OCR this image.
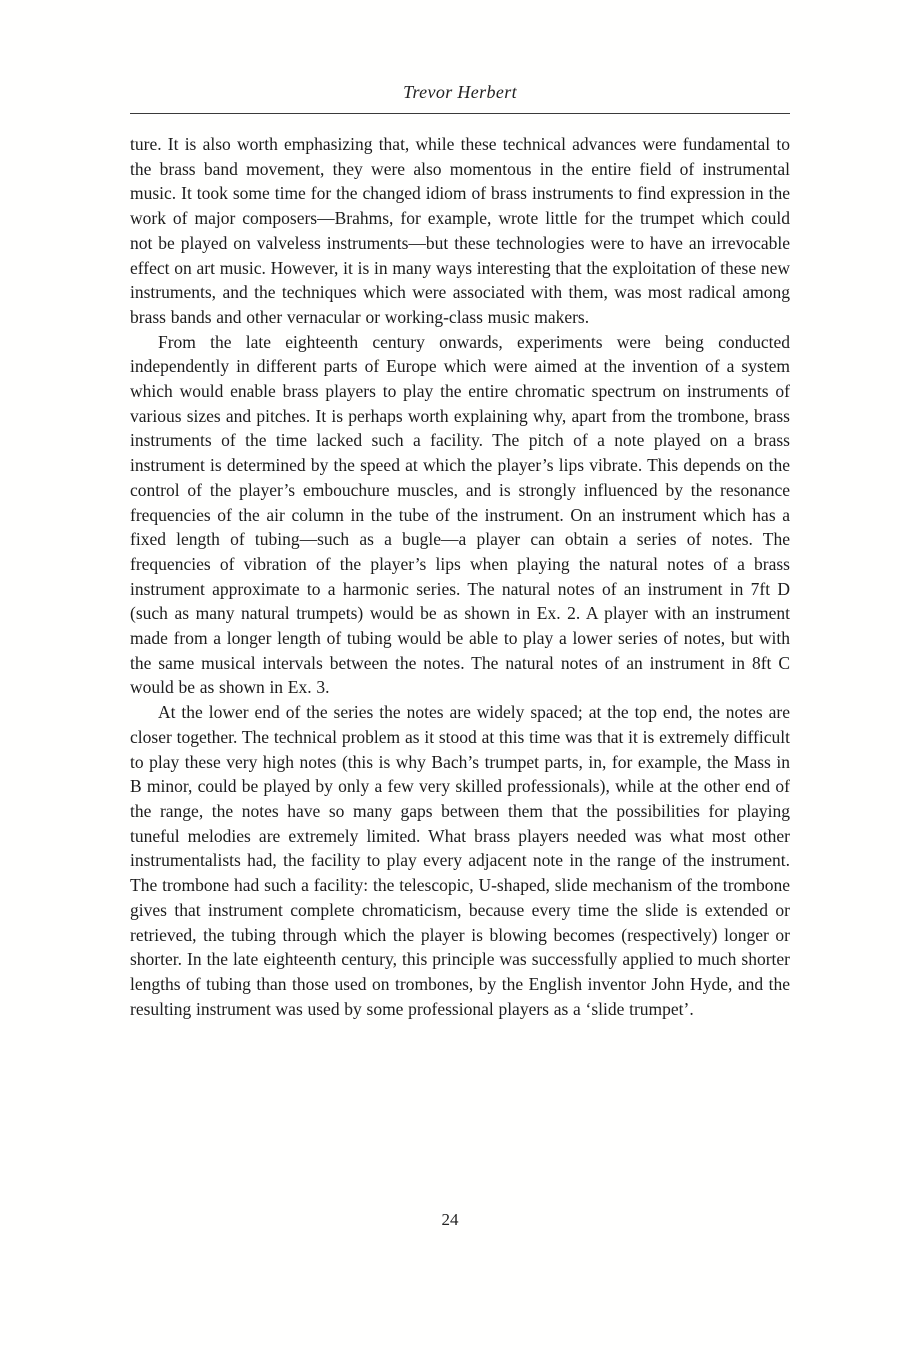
Trevor Herbert

ture. It is also worth emphasizing that, while these technical advances were fundamental to the brass band movement, they were also momentous in the entire field of instrumental music. It took some time for the changed idiom of brass instruments to find expression in the work of major composers—Brahms, for example, wrote little for the trumpet which could not be played on valveless instruments—but these technologies were to have an irrevocable effect on art music. However, it is in many ways interesting that the exploitation of these new instruments, and the techniques which were associated with them, was most radical among brass bands and other vernacular or working-class music makers.

From the late eighteenth century onwards, experiments were being conducted independently in different parts of Europe which were aimed at the invention of a system which would enable brass players to play the entire chromatic spectrum on instruments of various sizes and pitches. It is perhaps worth explaining why, apart from the trombone, brass instruments of the time lacked such a facility. The pitch of a note played on a brass instrument is determined by the speed at which the player’s lips vibrate. This depends on the control of the player’s embouchure muscles, and is strongly influenced by the resonance frequencies of the air column in the tube of the instrument. On an instrument which has a fixed length of tubing—such as a bugle—a player can obtain a series of notes. The frequencies of vibration of the player’s lips when playing the natural notes of a brass instrument approximate to a harmonic series. The natural notes of an instrument in 7ft D (such as many natural trumpets) would be as shown in Ex. 2. A player with an instrument made from a longer length of tubing would be able to play a lower series of notes, but with the same musical intervals between the notes. The natural notes of an instrument in 8ft C would be as shown in Ex. 3.

At the lower end of the series the notes are widely spaced; at the top end, the notes are closer together. The technical problem as it stood at this time was that it is extremely difficult to play these very high notes (this is why Bach’s trumpet parts, in, for example, the Mass in B minor, could be played by only a few very skilled professionals), while at the other end of the range, the notes have so many gaps between them that the possibilities for playing tuneful melodies are extremely limited. What brass players needed was what most other instrumentalists had, the facility to play every adjacent note in the range of the instrument. The trombone had such a facility: the telescopic, U-shaped, slide mechanism of the trombone gives that instrument complete chromaticism, because every time the slide is extended or retrieved, the tubing through which the player is blowing becomes (respectively) longer or shorter. In the late eighteenth century, this principle was successfully applied to much shorter lengths of tubing than those used on trombones, by the English inventor John Hyde, and the resulting instrument was used by some professional players as a ‘slide trumpet’.

24
